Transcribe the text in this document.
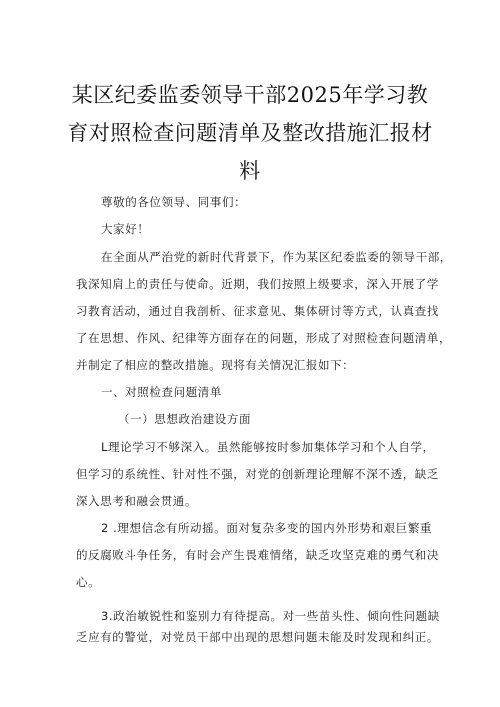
某区纪委监委领导干部2025年学习教
育对照检查问题清单及整改措施汇报材
料
尊敬的各位领导、同事们：
大家好！
在全面从严治党的新时代背景下，作为某区纪委监委的领导干部，
我深知肩上的责任与使命。近期，我们按照上级要求，深入开展了学
习教育活动，通过自我剖析、征求意见、集体研讨等方式，认真查找
了在思想、作风、纪律等方面存在的问题，形成了对照检查问题清单，
并制定了相应的整改措施。现将有关情况汇报如下：
一、对照检查问题清单
（一）思想政治建设方面
L理论学习不够深入。虽然能够按时参加集体学习和个人自学，
但学习的系统性、针对性不强，对党的创新理论理解不深不透，缺乏
深入思考和融会贯通。
2 .理想信念有所动摇。面对复杂多变的国内外形势和艰巨繁重
的反腐败斗争任务，有时会产生畏难情绪，缺乏攻坚克难的勇气和决
心。
3.政治敏锐性和鉴别力有待提高。对一些苗头性、倾向性问题缺
乏应有的警觉，对党员干部中出现的思想问题未能及时发现和纠正。
